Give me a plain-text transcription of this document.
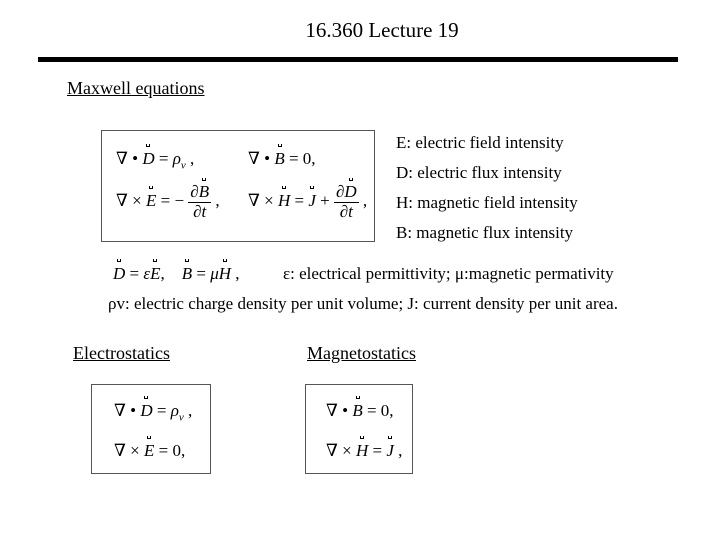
16.360 Lecture 19
Maxwell equations
∇ • $D = \rho_v$ ,	∇ • B = 0,
∇ × E = − $\frac{\partial B}{\partial t}$ , ∇ × $H = J + \frac{\partial D}{\partial t}$ ,
E: electric field intensity
D: electric flux intensity
H: magnetic field intensity
B: magnetic flux intensity
D = εE,    B = μH ,	ε: electrical permittivity; μ:magnetic permativity
ρv: electric charge density per unit volume; J: current density per unit area.
Electrostatics	Magnetostatics
∇ • $D = \rho_v$ ,
∇ × E = 0,
∇ • B = 0,
∇ × H = J ,
